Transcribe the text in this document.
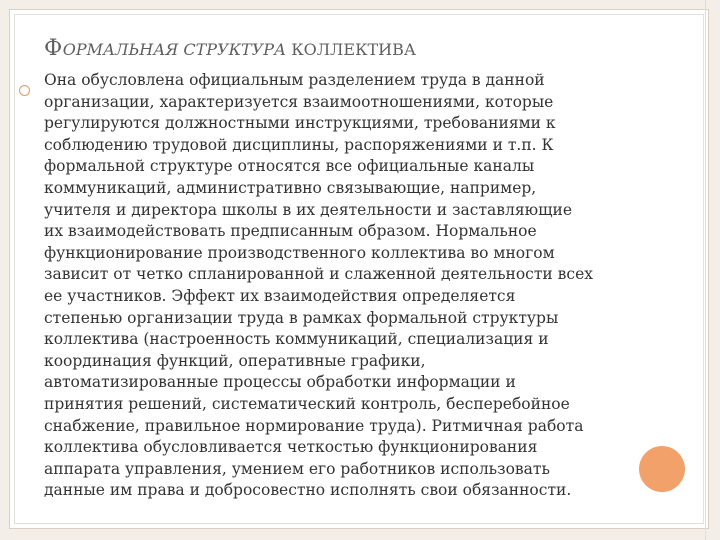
ФОРМАЛЬНАЯ СТРУКТУРА КОЛЛЕКТИВА

Она обусловлена официальным разделением труда в данной
организации, характеризуется взаимоотношениями, которые
регулируются должностными инструкциями, требованиями к
соблюдению трудовой дисциплины, распоряжениями и т.п. К
формальной структуре относятся все официальные каналы
коммуникаций, административно связывающие, например,
учителя и директора школы в их деятельности и заставляющие
их взаимодействовать предписанным образом. Нормальное
функционирование производственного коллектива во многом
зависит от четко спланированной и слаженной деятельности всех
ее участников. Эффект их взаимодействия определяется
степенью организации труда в рамках формальной структуры
коллектива (настроенность коммуникаций, специализация и
координация функций, оперативные графики,
автоматизированные процессы обработки информации и
принятия решений, систематический контроль, бесперебойное
снабжение, правильное нормирование труда). Ритмичная работа
коллектива обусловливается четкостью функционирования
аппарата управления, умением его работников использовать
данные им права и добросовестно исполнять свои обязанности.
